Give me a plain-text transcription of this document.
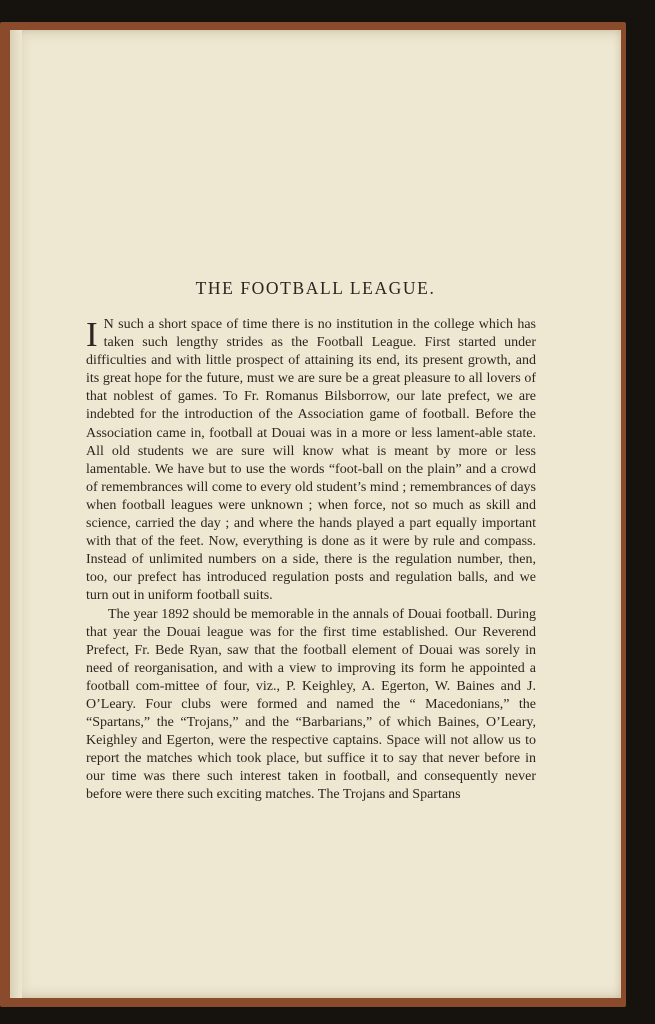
THE FOOTBALL LEAGUE.

I N such a short space of time there is no institution in the college which has taken such lengthy strides as the Football League. First started under difficulties and with little prospect of attaining its end, its present growth, and its great hope for the future, must we are sure be a great pleasure to all lovers of that noblest of games. To Fr. Romanus Bilsborrow, our late prefect, we are indebted for the introduction of the Association game of football. Before the Association came in, football at Douai was in a more or less lament-able state. All old students we are sure will know what is meant by more or less lamentable. We have but to use the words “foot-ball on the plain” and a crowd of remembrances will come to every old student’s mind ; remembrances of days when football leagues were unknown ; when force, not so much as skill and science, carried the day ; and where the hands played a part equally important with that of the feet. Now, everything is done as it were by rule and compass. Instead of unlimited numbers on a side, there is the regulation number, then, too, our prefect has introduced regulation posts and regulation balls, and we turn out in uniform football suits.

The year 1892 should be memorable in the annals of Douai football. During that year the Douai league was for the first time established. Our Reverend Prefect, Fr. Bede Ryan, saw that the football element of Douai was sorely in need of reorganisation, and with a view to improving its form he appointed a football com-mittee of four, viz., P. Keighley, A. Egerton, W. Baines and J. O’Leary. Four clubs were formed and named the “ Macedonians,” the “Spartans,” the “Trojans,” and the “Barbarians,” of which Baines, O’Leary, Keighley and Egerton, were the respective captains. Space will not allow us to report the matches which took place, but suffice it to say that never before in our time was there such interest taken in football, and consequently never before were there such exciting matches. The Trojans and Spartans
